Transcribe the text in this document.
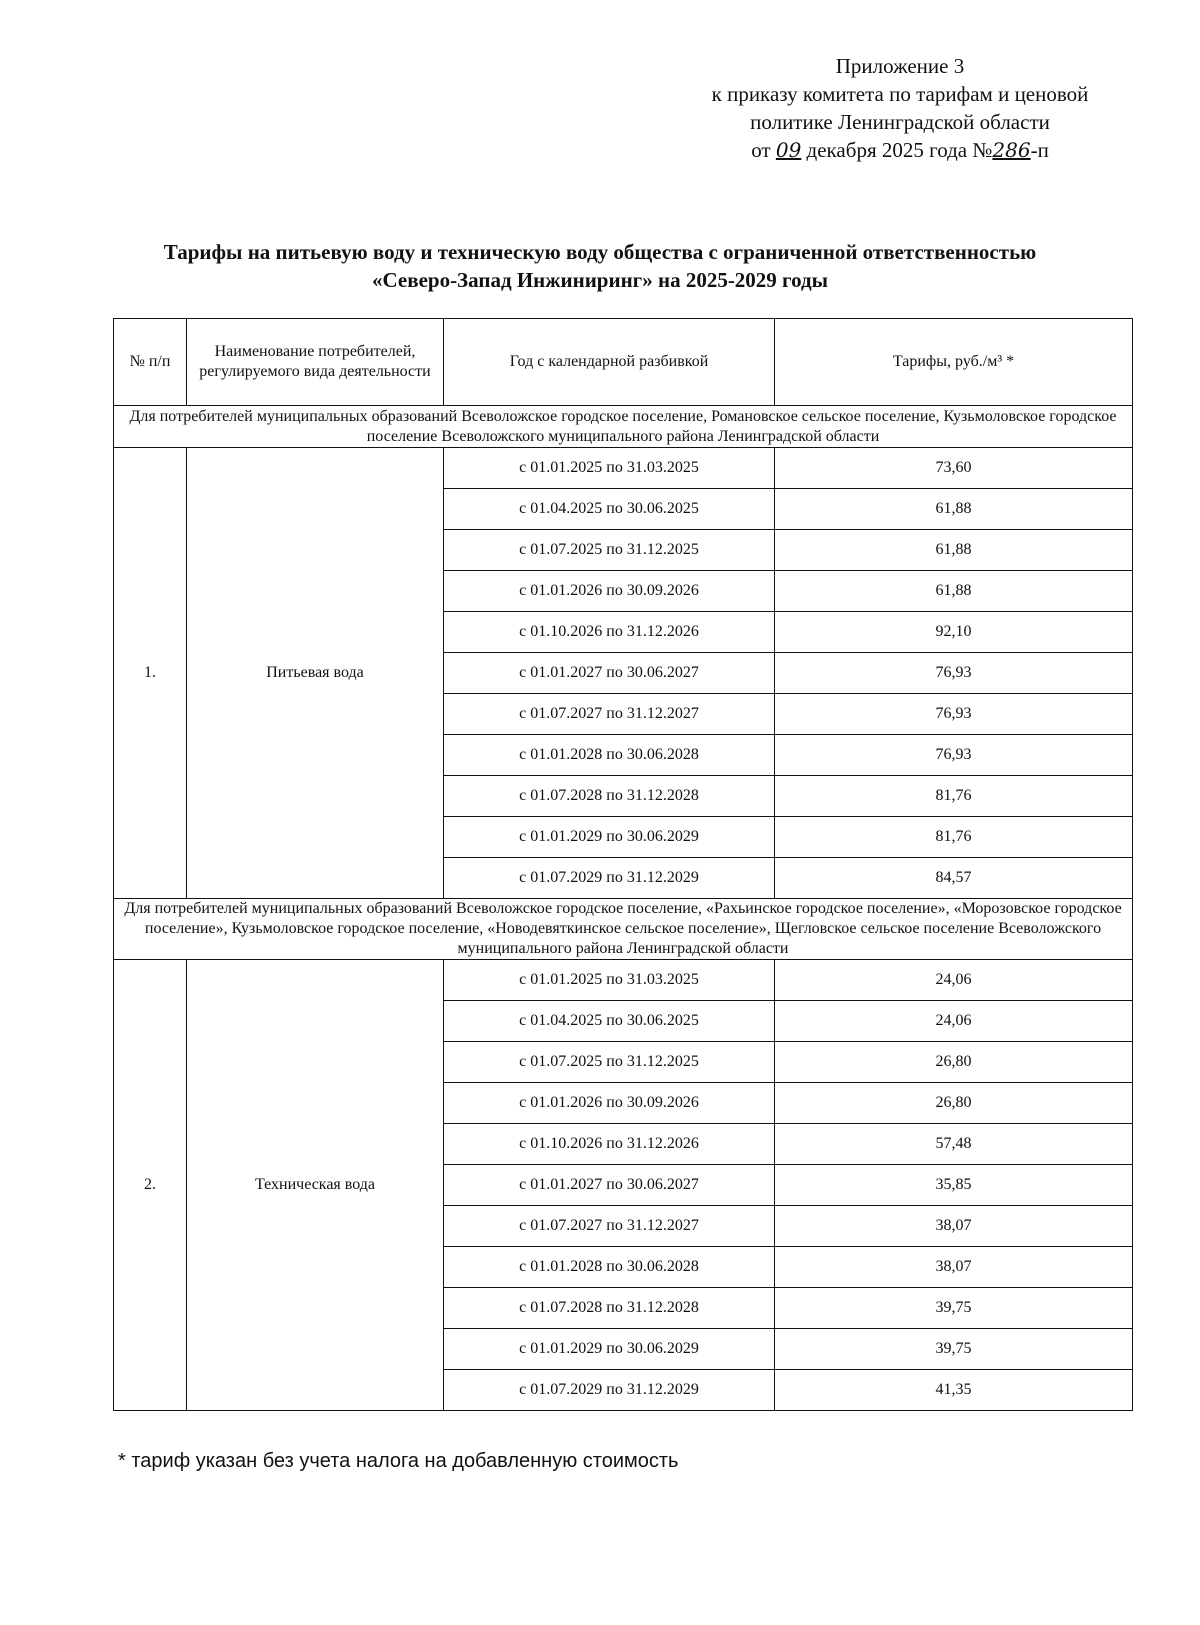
Приложение 3
к приказу комитета по тарифам и ценовой
политике Ленинградской области
от 09 декабря 2025 года №286-п
Тарифы на питьевую воду и техническую воду общества с ограниченной ответственностью
«Северо-Запад Инжиниринг» на 2025-2029 годы
№ п/п	Наименование потребителей, регулируемого вида деятельности	Год с календарной разбивкой	Тарифы, руб./м³ *
Для потребителей муниципальных образований Всеволожское городское поселение, Романовское сельское поселение, Кузьмоловское городское поселение Всеволожского муниципального района Ленинградской области			
1.	Питьевая вода	с 01.01.2025 по 31.03.2025	73,60
		с 01.04.2025 по 30.06.2025	61,88
		с 01.07.2025 по 31.12.2025	61,88
		с 01.01.2026 по 30.09.2026	61,88
		с 01.10.2026 по 31.12.2026	92,10
		с 01.01.2027 по 30.06.2027	76,93
		с 01.07.2027 по 31.12.2027	76,93
		с 01.01.2028 по 30.06.2028	76,93
		с 01.07.2028 по 31.12.2028	81,76
		с 01.01.2029 по 30.06.2029	81,76
		с 01.07.2029 по 31.12.2029	84,57
Для потребителей муниципальных образований Всеволожское городское поселение, «Рахьинское городское поселение», «Морозовское городское поселение», Кузьмоловское городское поселение, «Новодевяткинское сельское поселение», Щегловское сельское поселение Всеволожского муниципального района Ленинградской области			
2.	Техническая вода	с 01.01.2025 по 31.03.2025	24,06
		с 01.04.2025 по 30.06.2025	24,06
		с 01.07.2025 по 31.12.2025	26,80
		с 01.01.2026 по 30.09.2026	26,80
		с 01.10.2026 по 31.12.2026	57,48
		с 01.01.2027 по 30.06.2027	35,85
		с 01.07.2027 по 31.12.2027	38,07
		с 01.01.2028 по 30.06.2028	38,07
		с 01.07.2028 по 31.12.2028	39,75
		с 01.01.2029 по 30.06.2029	39,75
		с 01.07.2029 по 31.12.2029	41,35
* тариф указан без учета налога на добавленную стоимость
